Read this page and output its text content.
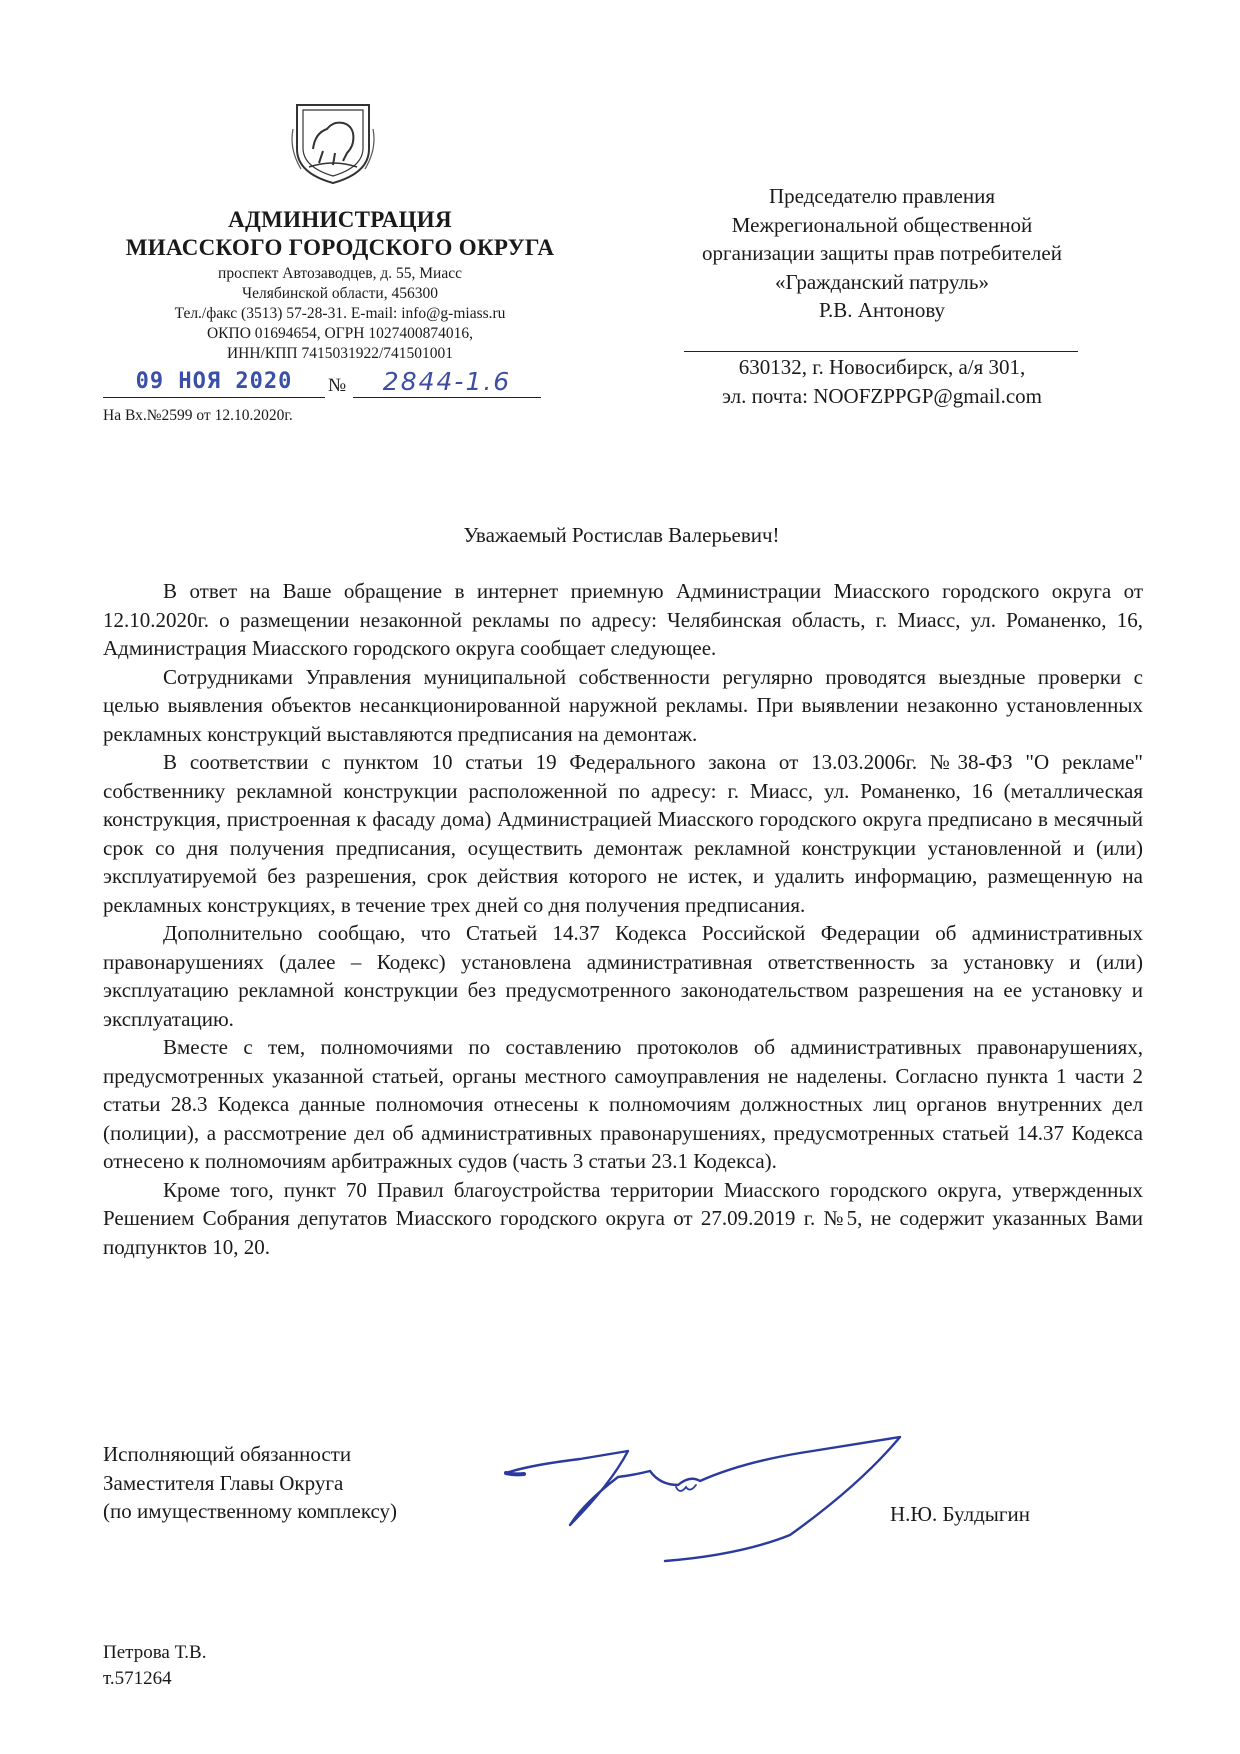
АДМИНИСТРАЦИЯ
МИАССКОГО ГОРОДСКОГО ОКРУГА
проспект Автозаводцев, д. 55, Миасс
Челябинской области, 456300
Тел./факс (3513) 57-28-31. E-mail: info@g-miass.ru
ОКПО 01694654, ОГРН 1027400874016,
ИНН/КПП 7415031922/741501001
09 НОЯ 2020	№	2844-1.6
На Вх.№2599 от 12.10.2020г.
Председателю правления
Межрегиональной общественной
организации защиты прав потребителей
«Гражданский патруль»
Р.В. Антонову
630132, г. Новосибирск, а/я 301,
эл. почта: NOOFZPPGP@gmail.com
Уважаемый Ростислав Валерьевич!

В ответ на Ваше обращение в интернет приемную Администрации Миасского городского округа от 12.10.2020г. о размещении незаконной рекламы по адресу: Челябинская область, г. Миасс, ул. Романенко, 16, Администрация Миасского городского округа сообщает следующее.

Сотрудниками Управления муниципальной собственности регулярно проводятся выездные проверки с целью выявления объектов несанкционированной наружной рекламы. При выявлении незаконно установленных рекламных конструкций выставляются предписания на демонтаж.

В соответствии с пунктом 10 статьи 19 Федерального закона от 13.03.2006г. №38-ФЗ "О рекламе" собственнику рекламной конструкции расположенной по адресу: г. Миасс, ул. Романенко, 16 (металлическая конструкция, пристроенная к фасаду дома) Администрацией Миасского городского округа предписано в месячный срок со дня получения предписания, осуществить демонтаж рекламной конструкции установленной и (или) эксплуатируемой без разрешения, срок действия которого не истек, и удалить информацию, размещенную на рекламных конструкциях, в течение трех дней со дня получения предписания.

Дополнительно сообщаю, что Статьей 14.37 Кодекса Российской Федерации об административных правонарушениях (далее – Кодекс) установлена административная ответственность за установку и (или) эксплуатацию рекламной конструкции без предусмотренного законодательством разрешения на ее установку и эксплуатацию.

Вместе с тем, полномочиями по составлению протоколов об административных правонарушениях, предусмотренных указанной статьей, органы местного самоуправления не наделены. Согласно пункта 1 части 2 статьи 28.3 Кодекса данные полномочия отнесены к полномочиям должностных лиц органов внутренних дел (полиции), а рассмотрение дел об административных правонарушениях, предусмотренных статьей 14.37 Кодекса отнесено к полномочиям арбитражных судов (часть 3 статьи 23.1 Кодекса).

Кроме того, пункт 70 Правил благоустройства территории Миасского городского округа, утвержденных Решением Собрания депутатов Миасского городского округа от 27.09.2019 г. №5, не содержит указанных Вами подпунктов 10, 20.

Исполняющий обязанности
Заместителя Главы Округа
(по имущественному комплексу)	Н.Ю. Булдыгин
Петрова Т.В.
т.571264
